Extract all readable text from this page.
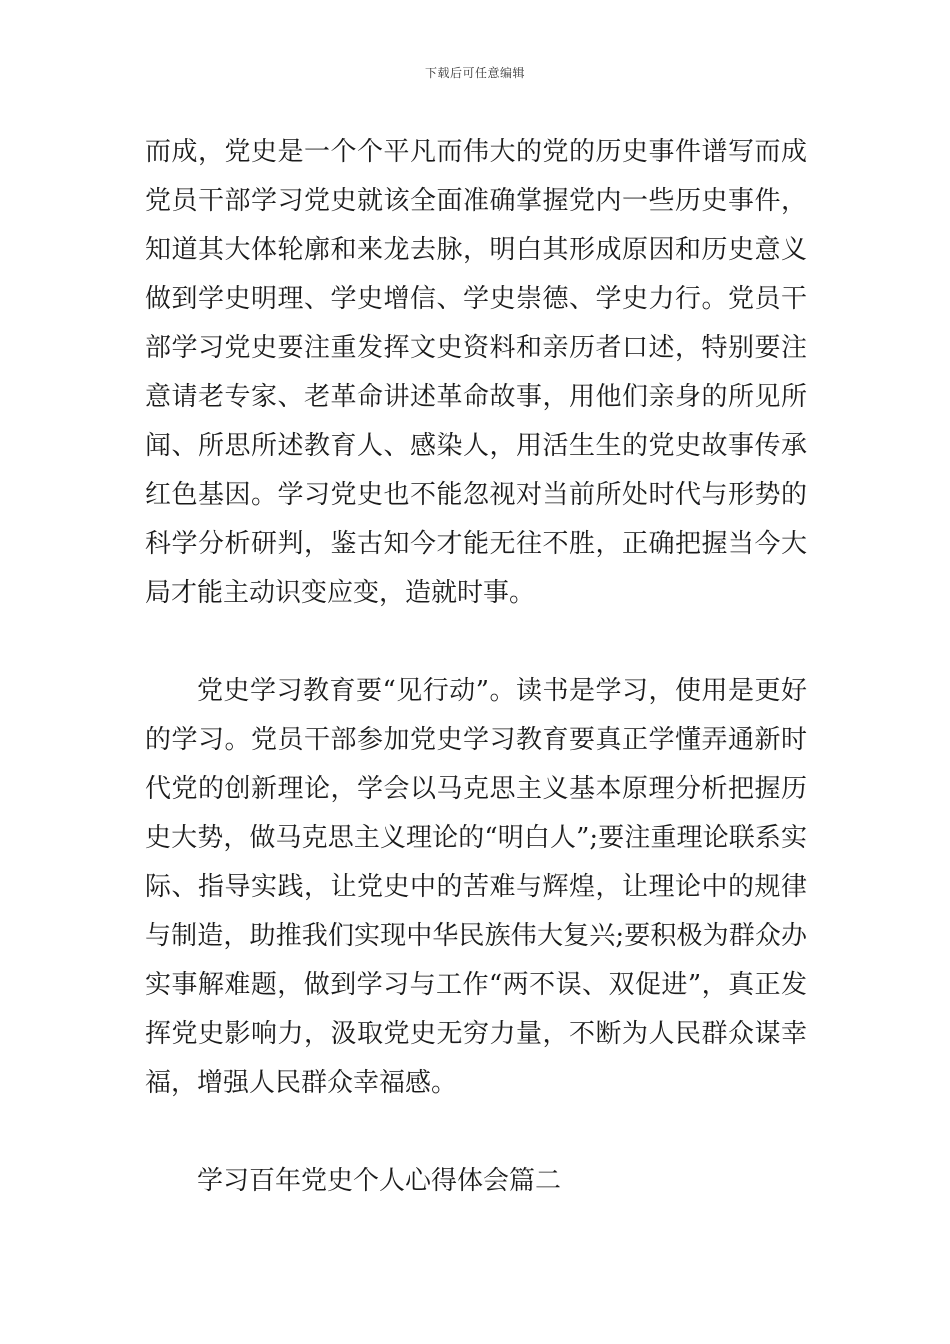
下载后可任意编辑

而成，党史是一个个平凡而伟大的党的历史事件谱写而成党员干部学习党史就该全面准确掌握党内一些历史事件，知道其大体轮廓和来龙去脉，明白其形成原因和历史意义做到学史明理、学史增信、学史崇德、学史力行。党员干部学习党史要注重发挥文史资料和亲历者口述，特别要注意请老专家、老革命讲述革命故事，用他们亲身的所见所闻、所思所述教育人、感染人，用活生生的党史故事传承红色基因。学习党史也不能忽视对当前所处时代与形势的科学分析研判，鉴古知今才能无往不胜，正确把握当今大局才能主动识变应变，造就时事。

党史学习教育要“见行动”。读书是学习，使用是更好的学习。党员干部参加党史学习教育要真正学懂弄通新时代党的创新理论，学会以马克思主义基本原理分析把握历史大势，做马克思主义理论的“明白人”;要注重理论联系实际、指导实践，让党史中的苦难与辉煌，让理论中的规律与制造，助推我们实现中华民族伟大复兴;要积极为群众办实事解难题，做到学习与工作“两不误、双促进”，真正发挥党史影响力，汲取党史无穷力量，不断为人民群众谋幸福，增强人民群众幸福感。

学习百年党史个人心得体会篇二
